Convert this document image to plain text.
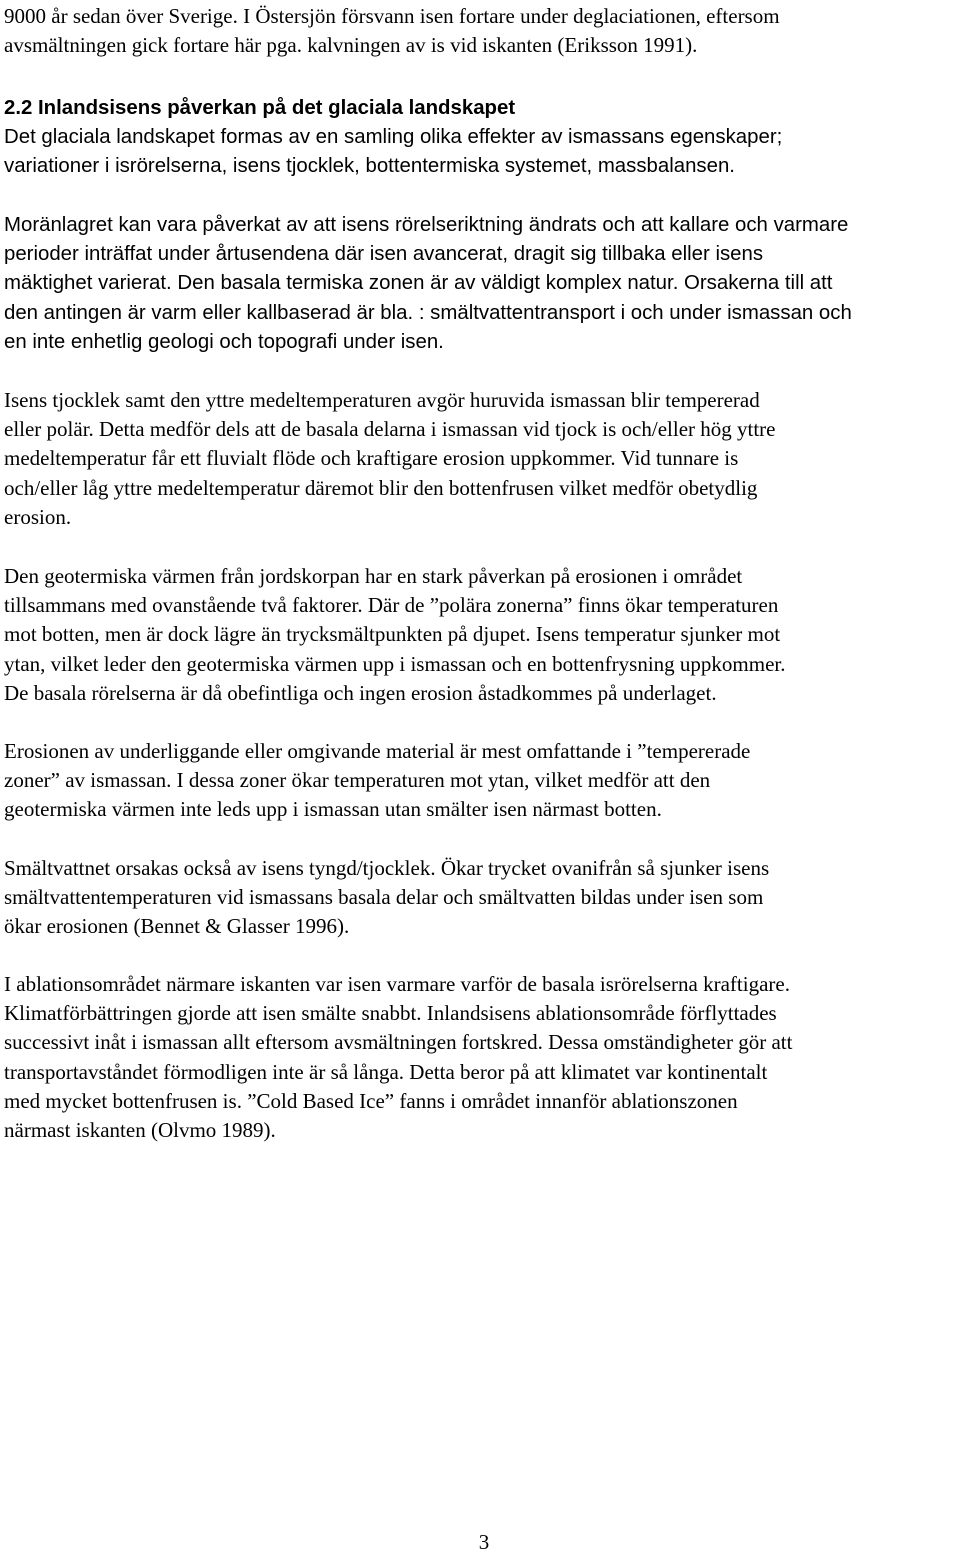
9000 år sedan över Sverige. I Östersjön försvann isen fortare under deglaciationen, eftersom
avsmältningen gick fortare här pga. kalvningen av is vid iskanten (Eriksson 1991).
2.2 Inlandsisens påverkan på det glaciala landskapet
Det glaciala landskapet formas av en samling olika effekter av ismassans egenskaper;
variationer i isrörelserna, isens tjocklek, bottentermiska systemet, massbalansen.
Moränlagret kan vara påverkat av att isens rörelseriktning ändrats och att kallare och varmare
perioder inträffat under årtusendena där isen avancerat, dragit sig tillbaka eller isens
mäktighet varierat. Den basala termiska zonen är av väldigt komplex natur. Orsakerna till att
den antingen är varm eller kallbaserad är bla. : smältvattentransport i och under ismassan och
en inte enhetlig geologi och topografi under isen.
Isens tjocklek samt den yttre medeltemperaturen avgör huruvida ismassan blir tempererad
eller polär. Detta medför dels att de basala delarna i ismassan vid tjock is och/eller hög yttre
medeltemperatur får ett fluvialt flöde och kraftigare erosion uppkommer. Vid tunnare is
och/eller låg yttre medeltemperatur däremot blir den bottenfrusen vilket medför obetydlig
erosion.
Den geotermiska värmen från jordskorpan har en stark påverkan på erosionen i området
tillsammans med ovanstående två faktorer. Där de ”polära zonerna” finns ökar temperaturen
mot botten, men är dock lägre än trycksmältpunkten på djupet. Isens temperatur sjunker mot
ytan, vilket leder den geotermiska värmen upp i ismassan och en bottenfrysning uppkommer.
De basala rörelserna är då obefintliga och ingen erosion åstadkommes på underlaget.
Erosionen av underliggande eller omgivande material är mest omfattande i ”tempererade
zoner” av ismassan. I dessa zoner ökar temperaturen mot ytan, vilket medför att den
geotermiska värmen inte leds upp i ismassan utan smälter isen närmast botten.
Smältvattnet orsakas också av isens tyngd/tjocklek. Ökar trycket ovanifrån så sjunker isens
smältvattentemperaturen vid ismassans basala delar och smältvatten bildas under isen som
ökar erosionen (Bennet & Glasser 1996).
I ablationsområdet närmare iskanten var isen varmare varför de basala isrörelserna kraftigare.
Klimatförbättringen gjorde att isen smälte snabbt. Inlandsisens ablationsområde förflyttades
successivt inåt i ismassan allt eftersom avsmältningen fortskred. Dessa omständigheter gör att
transportavståndet förmodligen inte är så långa. Detta beror på att klimatet var kontinentalt
med mycket bottenfrusen is. ”Cold Based Ice” fanns i området innanför ablationszonen
närmast iskanten (Olvmo 1989).
3
